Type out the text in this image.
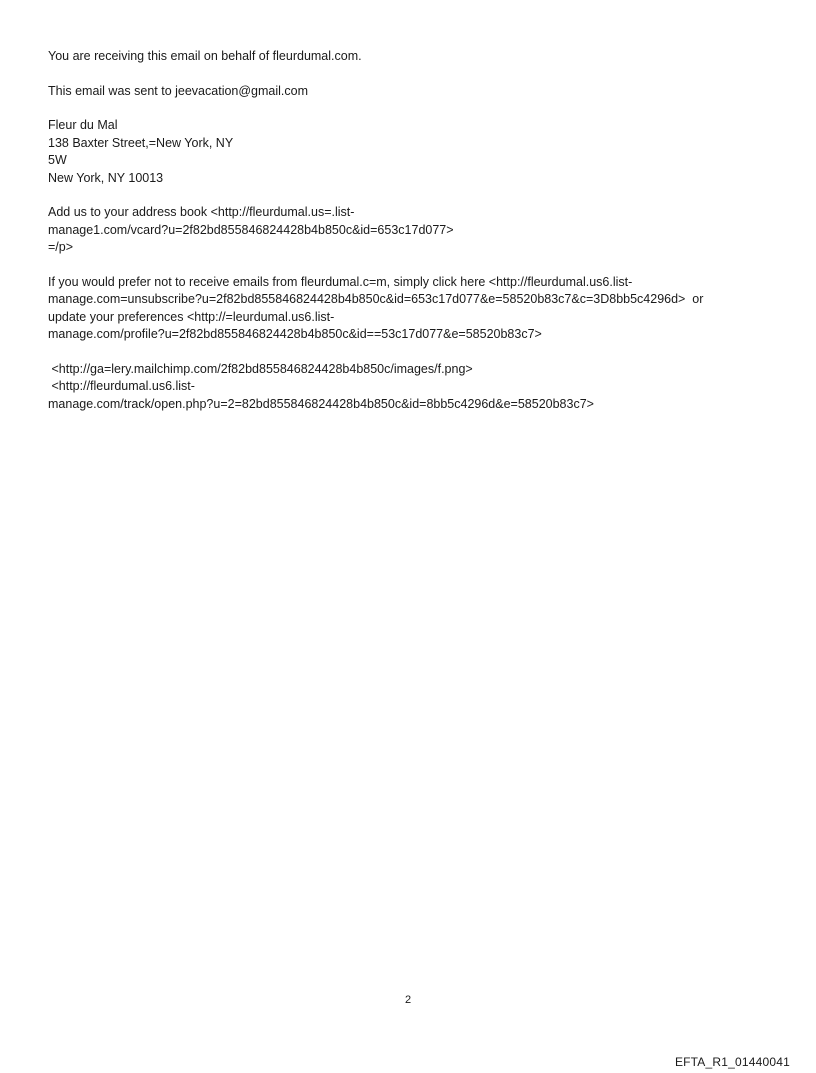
You are receiving this email on behalf of fleurdumal.com.

This email was sent to jeevacation@gmail.com

Fleur du Mal
138 Baxter Street,=New York, NY
5W
New York, NY 10013

Add us to your address book <http://fleurdumal.us=.list-
manage1.com/vcard?u=2f82bd855846824428b4b850c&id=653c17d077>
=/p>

If you would prefer not to receive emails from fleurdumal.c=m, simply click here <http://fleurdumal.us6.list-
manage.com=unsubscribe?u=2f82bd855846824428b4b850c&id=653c17d077&e=58520b83c7&c=3D8bb5c4296d>  or
update your preferences <http://=leurdumal.us6.list-
manage.com/profile?u=2f82bd855846824428b4b850c&id==53c17d077&e=58520b83c7>

<http://ga=lery.mailchimp.com/2f82bd855846824428b4b850c/images/f.png>
<http://fleurdumal.us6.list-
manage.com/track/open.php?u=2=82bd855846824428b4b850c&id=8bb5c4296d&e=58520b83c7>

2
EFTA_R1_01440041
